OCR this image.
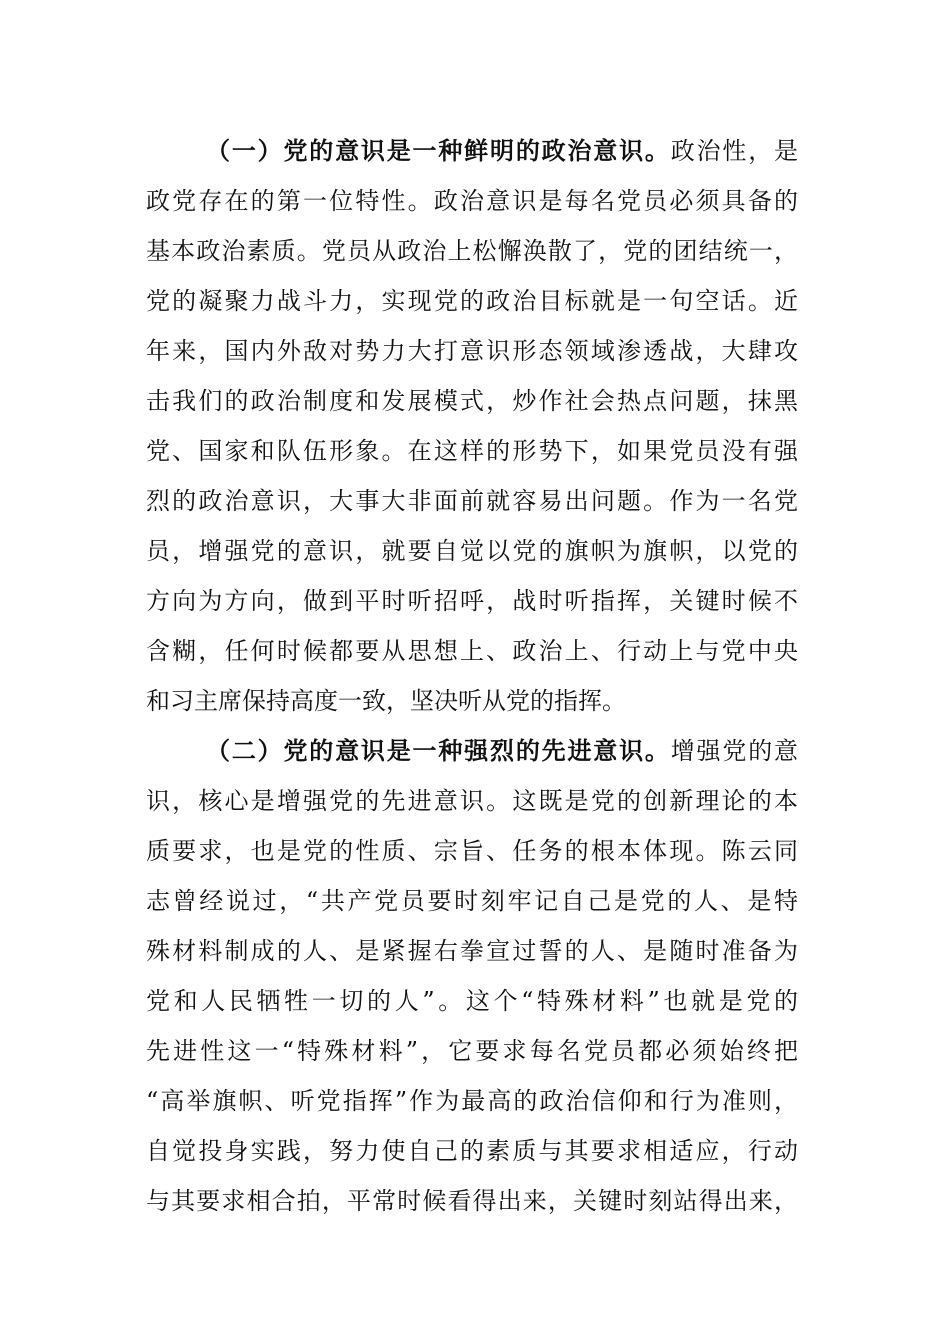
（一）党的意识是一种鲜明的政治意识。政治性，是
政党存在的第一位特性。政治意识是每名党员必须具备的
基本政治素质。党员从政治上松懈涣散了，党的团结统一，
党的凝聚力战斗力，实现党的政治目标就是一句空话。近
年来，国内外敌对势力大打意识形态领域渗透战，大肆攻
击我们的政治制度和发展模式，炒作社会热点问题，抹黑
党、国家和队伍形象。在这样的形势下，如果党员没有强
烈的政治意识，大事大非面前就容易出问题。作为一名党
员，增强党的意识，就要自觉以党的旗帜为旗帜，以党的
方向为方向，做到平时听招呼，战时听指挥，关键时候不
含糊，任何时候都要从思想上、政治上、行动上与党中央
和习主席保持高度一致，坚决听从党的指挥。
（二）党的意识是一种强烈的先进意识。增强党的意
识，核心是增强党的先进意识。这既是党的创新理论的本
质要求，也是党的性质、宗旨、任务的根本体现。陈云同
志曾经说过，“共产党员要时刻牢记自己是党的人、是特
殊材料制成的人、是紧握右拳宣过誓的人、是随时准备为
党和人民牺牲一切的人”。这个“特殊材料”也就是党的
先进性这一“特殊材料”，它要求每名党员都必须始终把
“高举旗帜、听党指挥”作为最高的政治信仰和行为准则，
自觉投身实践，努力使自己的素质与其要求相适应，行动
与其要求相合拍，平常时候看得出来，关键时刻站得出来，
